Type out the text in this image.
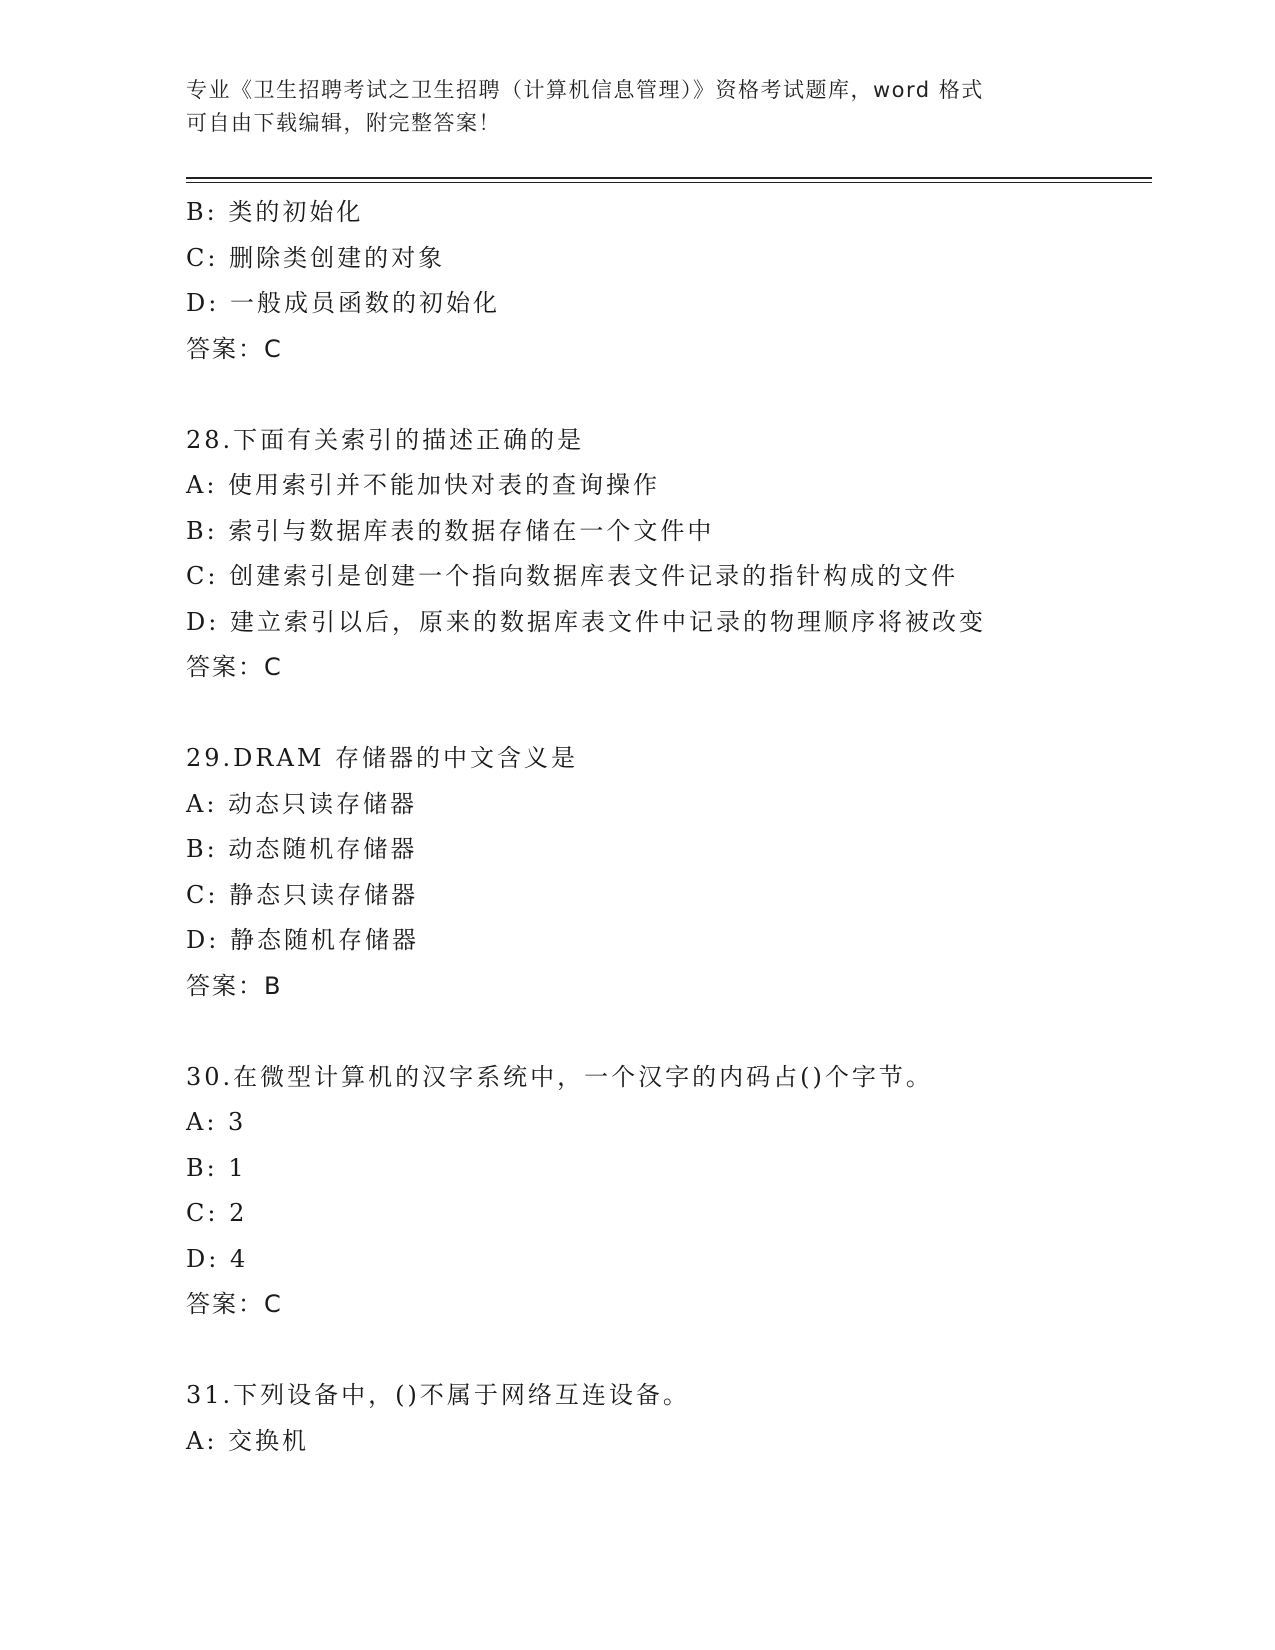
专业《卫生招聘考试之卫生招聘（计算机信息管理）》资格考试题库，word 格式
可自由下载编辑，附完整答案！
B: 类的初始化
C: 删除类创建的对象
D: 一般成员函数的初始化
答案：C
28.下面有关索引的描述正确的是
A: 使用索引并不能加快对表的查询操作
B: 索引与数据库表的数据存储在一个文件中
C: 创建索引是创建一个指向数据库表文件记录的指针构成的文件
D: 建立索引以后，原来的数据库表文件中记录的物理顺序将被改变
答案：C
29.DRAM 存储器的中文含义是
A: 动态只读存储器
B: 动态随机存储器
C: 静态只读存储器
D: 静态随机存储器
答案：B
30.在微型计算机的汉字系统中，一个汉字的内码占()个字节。
A: 3
B: 1
C: 2
D: 4
答案：C
31.下列设备中，()不属于网络互连设备。
A: 交换机
